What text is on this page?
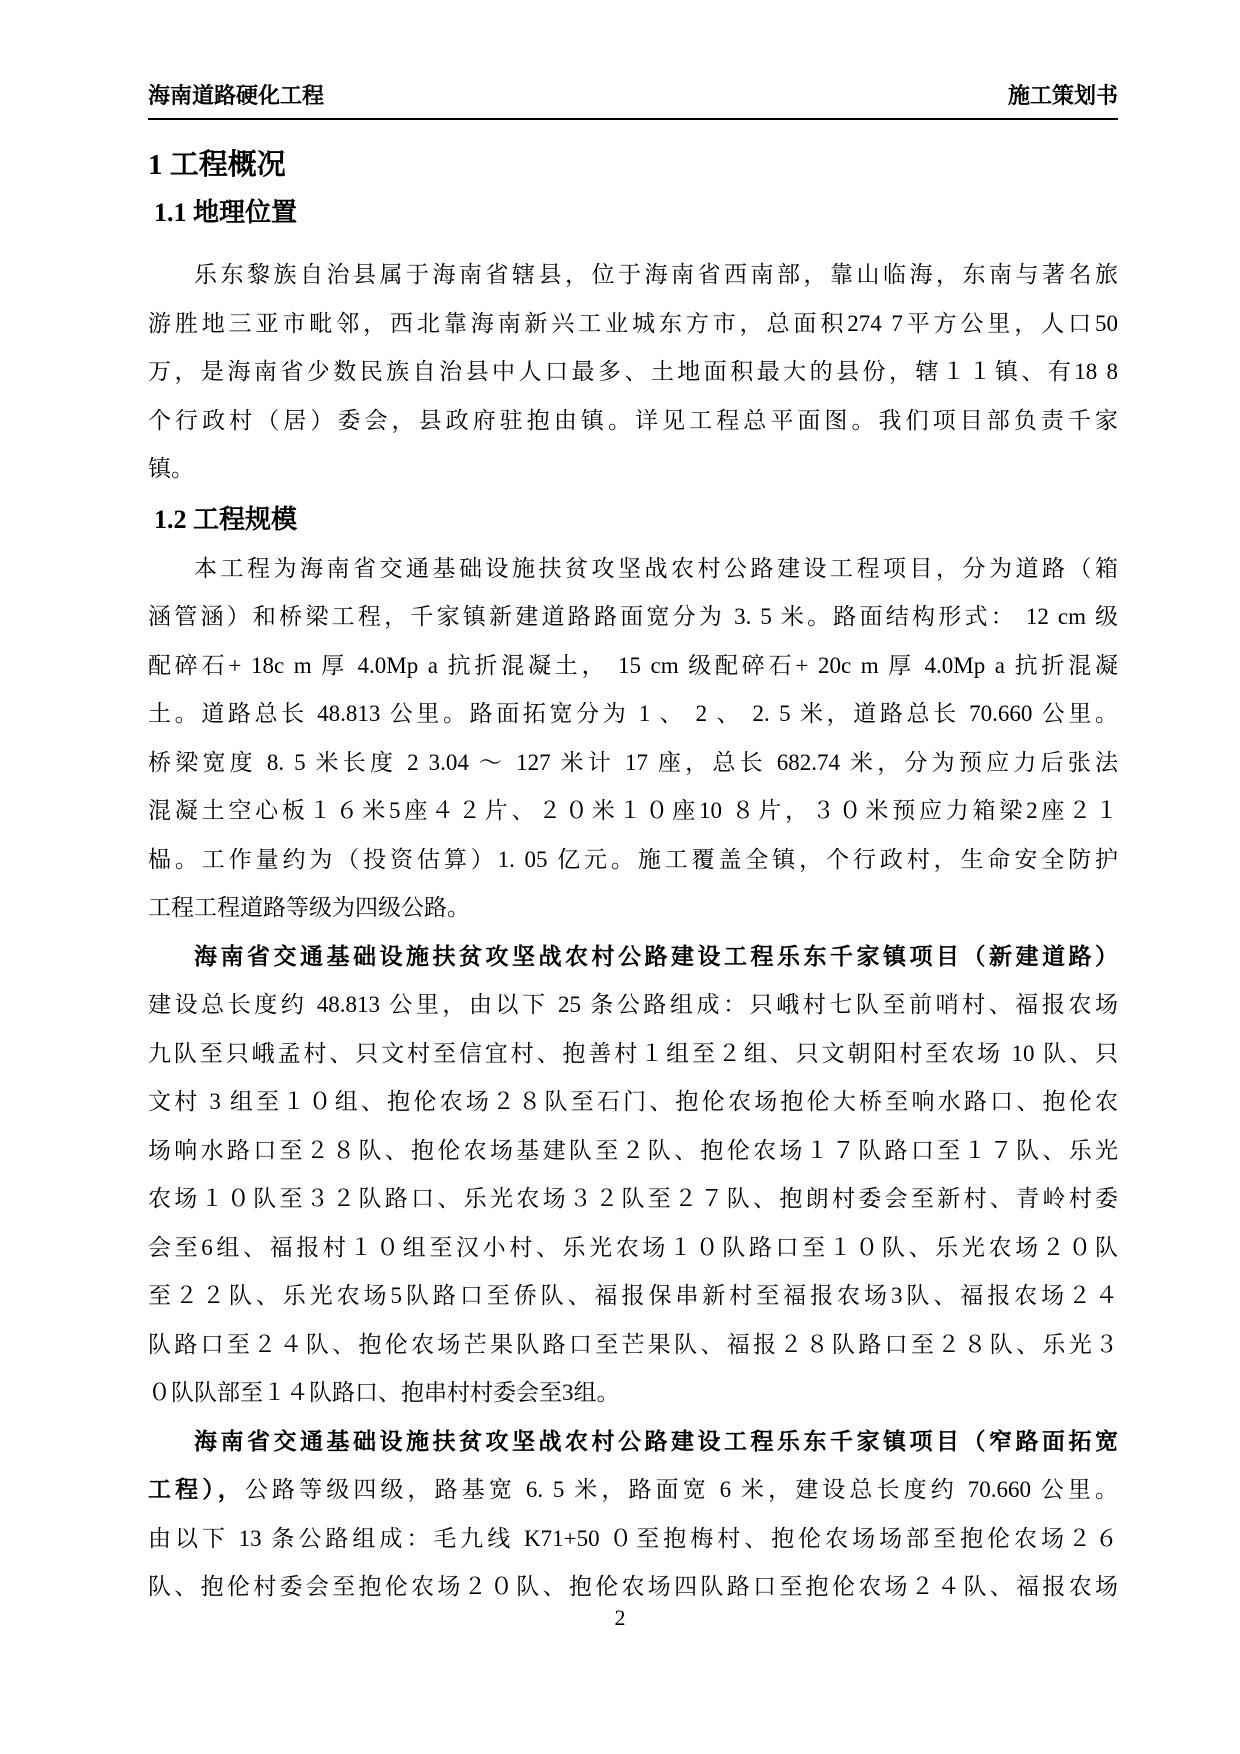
海南道路硬化工程	施工策划书
1 工程概况
1.1 地理位置
乐东黎族自治县属于海南省辖县，位于海南省西南部，靠山临海，东南与著名旅
游胜地三亚市毗邻，西北靠海南新兴工业城东方市，总面积274 7平方公里，人口50
万，是海南省少数民族自治县中人口最多、土地面积最大的县份，辖１１镇、有18 8
个行政村（居）委会，县政府驻抱由镇。详见工程总平面图。我们项目部负责千家
镇。
1.2 工程规模
本工程为海南省交通基础设施扶贫攻坚战农村公路建设工程项目，分为道路（箱
涵管涵）和桥梁工程，千家镇新建道路路面宽分为 3. 5 米。路面结构形式： 12 cm 级
配碎石+ 18c m 厚 4.0Mp a 抗折混凝土， 15 cm 级配碎石+ 20c m 厚 4.0Mp a 抗折混凝
土。道路总长 48.813 公里。路面拓宽分为 1 、 2 、 2. 5 米，道路总长 70.660 公里。
桥梁宽度 8. 5 米长度 2 3.04 ～ 127 米计 17 座，总长 682.74 米，分为预应力后张法
混凝土空心板１６米5座４２片、２０米１０座10 ８片，３０米预应力箱梁2座２１
榀。工作量约为（投资估算）1. 05 亿元。施工覆盖全镇，个行政村，生命安全防护
工程工程道路等级为四级公路。
海南省交通基础设施扶贫攻坚战农村公路建设工程乐东千家镇项目（新建道路）
建设总长度约 48.813 公里，由以下 25 条公路组成：只峨村七队至前哨村、福报农场
九队至只峨孟村、只文村至信宜村、抱善村１组至２组、只文朝阳村至农场 10 队、只
文村 3 组至１０组、抱伦农场２８队至石门、抱伦农场抱伦大桥至响水路口、抱伦农
场响水路口至２８队、抱伦农场基建队至２队、抱伦农场１７队路口至１７队、乐光
农场１０队至３２队路口、乐光农场３２队至２７队、抱朗村委会至新村、青岭村委
会至6组、福报村１０组至汉小村、乐光农场１０队路口至１０队、乐光农场２０队
至２２队、乐光农场5队路口至侨队、福报保串新村至福报农场3队、福报农场２４
队路口至２４队、抱伦农场芒果队路口至芒果队、福报２８队路口至２８队、乐光３
０队队部至１４队路口、抱串村村委会至3组。
海南省交通基础设施扶贫攻坚战农村公路建设工程乐东千家镇项目（窄路面拓宽
工程），公路等级四级，路基宽 6. 5 米，路面宽 6 米，建设总长度约 70.660 公里。
由以下 13 条公路组成：毛九线 K71+50 ０至抱梅村、抱伦农场场部至抱伦农场２６
队、抱伦村委会至抱伦农场２０队、抱伦农场四队路口至抱伦农场２４队、福报农场
2
